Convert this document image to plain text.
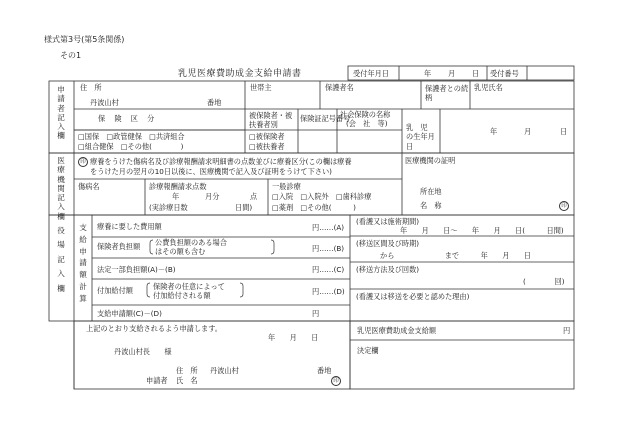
様式第3号(第5条関係)
その1
乳児医療費助成金支給申請書	受付年月日	年 月 日 受付番号
申請者記入欄
住　所
丹波山村	番地
世帯主	保護者名	保護者との続柄
乳児氏名
保　険　区　分	被保険者・被扶養者別
保険証記号番号
社会保険の名称
(会　社　等)	乳　児　の生年月日
年	月	日
□国保　□政管健保　□共済組合
□組合健保　□その他(　　　　)
□被保険者
□被扶養者
医療機関記入欄
印 療養をうけた傷病名及び診療報酬請求明細書の点数並びに療養区分(この欄は療養
をうけた月の翌月の10日以後に、医療機関で記入及び証明をうけて下さい)
医療機関の証明
傷病名	診療報酬請求点数
年	月分	点
(実診療日数	日間)
一般診療
□入院　□入院外　□歯科診療
□薬剤　□その他(　　　)
所在地
名　称	印
役場記入欄
支給申請額計算
療養に要した費用額	円……(A)
保険者負担額 公費負担額のある場合
はその額も含む	円……(B)
法定一部負担額(A)－(B)	円……(C)
付加給付額	保険者の任意によって
付加給付される額	円……(D)
支給申請額(C)－(D)	円
(看護又は施術期間)
年　　月　　日～　　年　　月　　日(　　　日間)
(移送区間及び時期)
から　　　　　　　まで　　　年　　月　　日
(移送方法及び回数)
(　　　　回)
(看護又は移送を必要と認めた理由)
上記のとおり支給されるよう申請します。
年　　月　　日
丹波山村長　　様
住　所 丹波山村	番地
申請者 氏　名	印
乳児医療費助成金支給額	円
決定欄
